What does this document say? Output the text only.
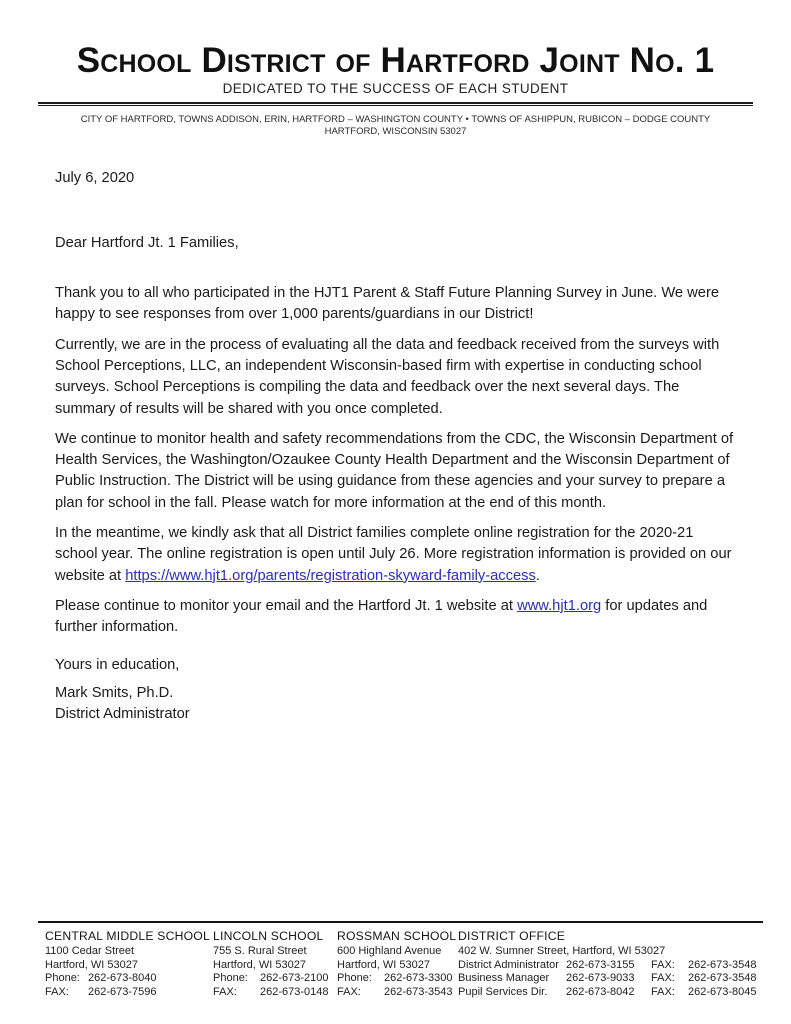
School District of Hartford Joint No. 1
DEDICATED TO THE SUCCESS OF EACH STUDENT
CITY OF HARTFORD, TOWNS ADDISON, ERIN, HARTFORD – WASHINGTON COUNTY • TOWNS OF ASHIPPUN, RUBICON – DODGE COUNTY
HARTFORD, WISCONSIN 53027
July 6, 2020
Dear Hartford Jt. 1 Families,

Thank you to all who participated in the HJT1 Parent & Staff Future Planning Survey in June. We were happy to see responses from over 1,000 parents/guardians in our District!

Currently, we are in the process of evaluating all the data and feedback received from the surveys with School Perceptions, LLC, an independent Wisconsin-based firm with expertise in conducting school surveys. School Perceptions is compiling the data and feedback over the next several days. The summary of results will be shared with you once completed.

We continue to monitor health and safety recommendations from the CDC, the Wisconsin Department of Health Services, the Washington/Ozaukee County Health Department and the Wisconsin Department of Public Instruction. The District will be using guidance from these agencies and your survey to prepare a plan for school in the fall. Please watch for more information at the end of this month.

In the meantime, we kindly ask that all District families complete online registration for the 2020-21 school year. The online registration is open until July 26. More registration information is provided on our website at https://www.hjt1.org/parents/registration-skyward-family-access.

Please continue to monitor your email and the Hartford Jt. 1 website at www.hjt1.org for updates and further information.

Yours in education,
Mark Smits, Ph.D.
District Administrator
CENTRAL MIDDLE SCHOOL
1100 Cedar Street
Hartford, WI 53027
Phone: 262-673-8040
FAX:	262-673-7596
LINCOLN SCHOOL
755 S. Rural Street
Hartford, WI 53027
Phone:	262-673-2100
FAX:	262-673-0148
ROSSMAN SCHOOL
600 Highland Avenue
Hartford, WI 53027
Phone:	262-673-3300
FAX:	262-673-3543
DISTRICT OFFICE
402 W. Sumner Street, Hartford, WI 53027
District Administrator 262-673-3155	FAX:	262-673-3548
Business Manager	262-673-9033	FAX:	262-673-3548
Pupil Services Dir.	262-673-8042	FAX:	262-673-8045
